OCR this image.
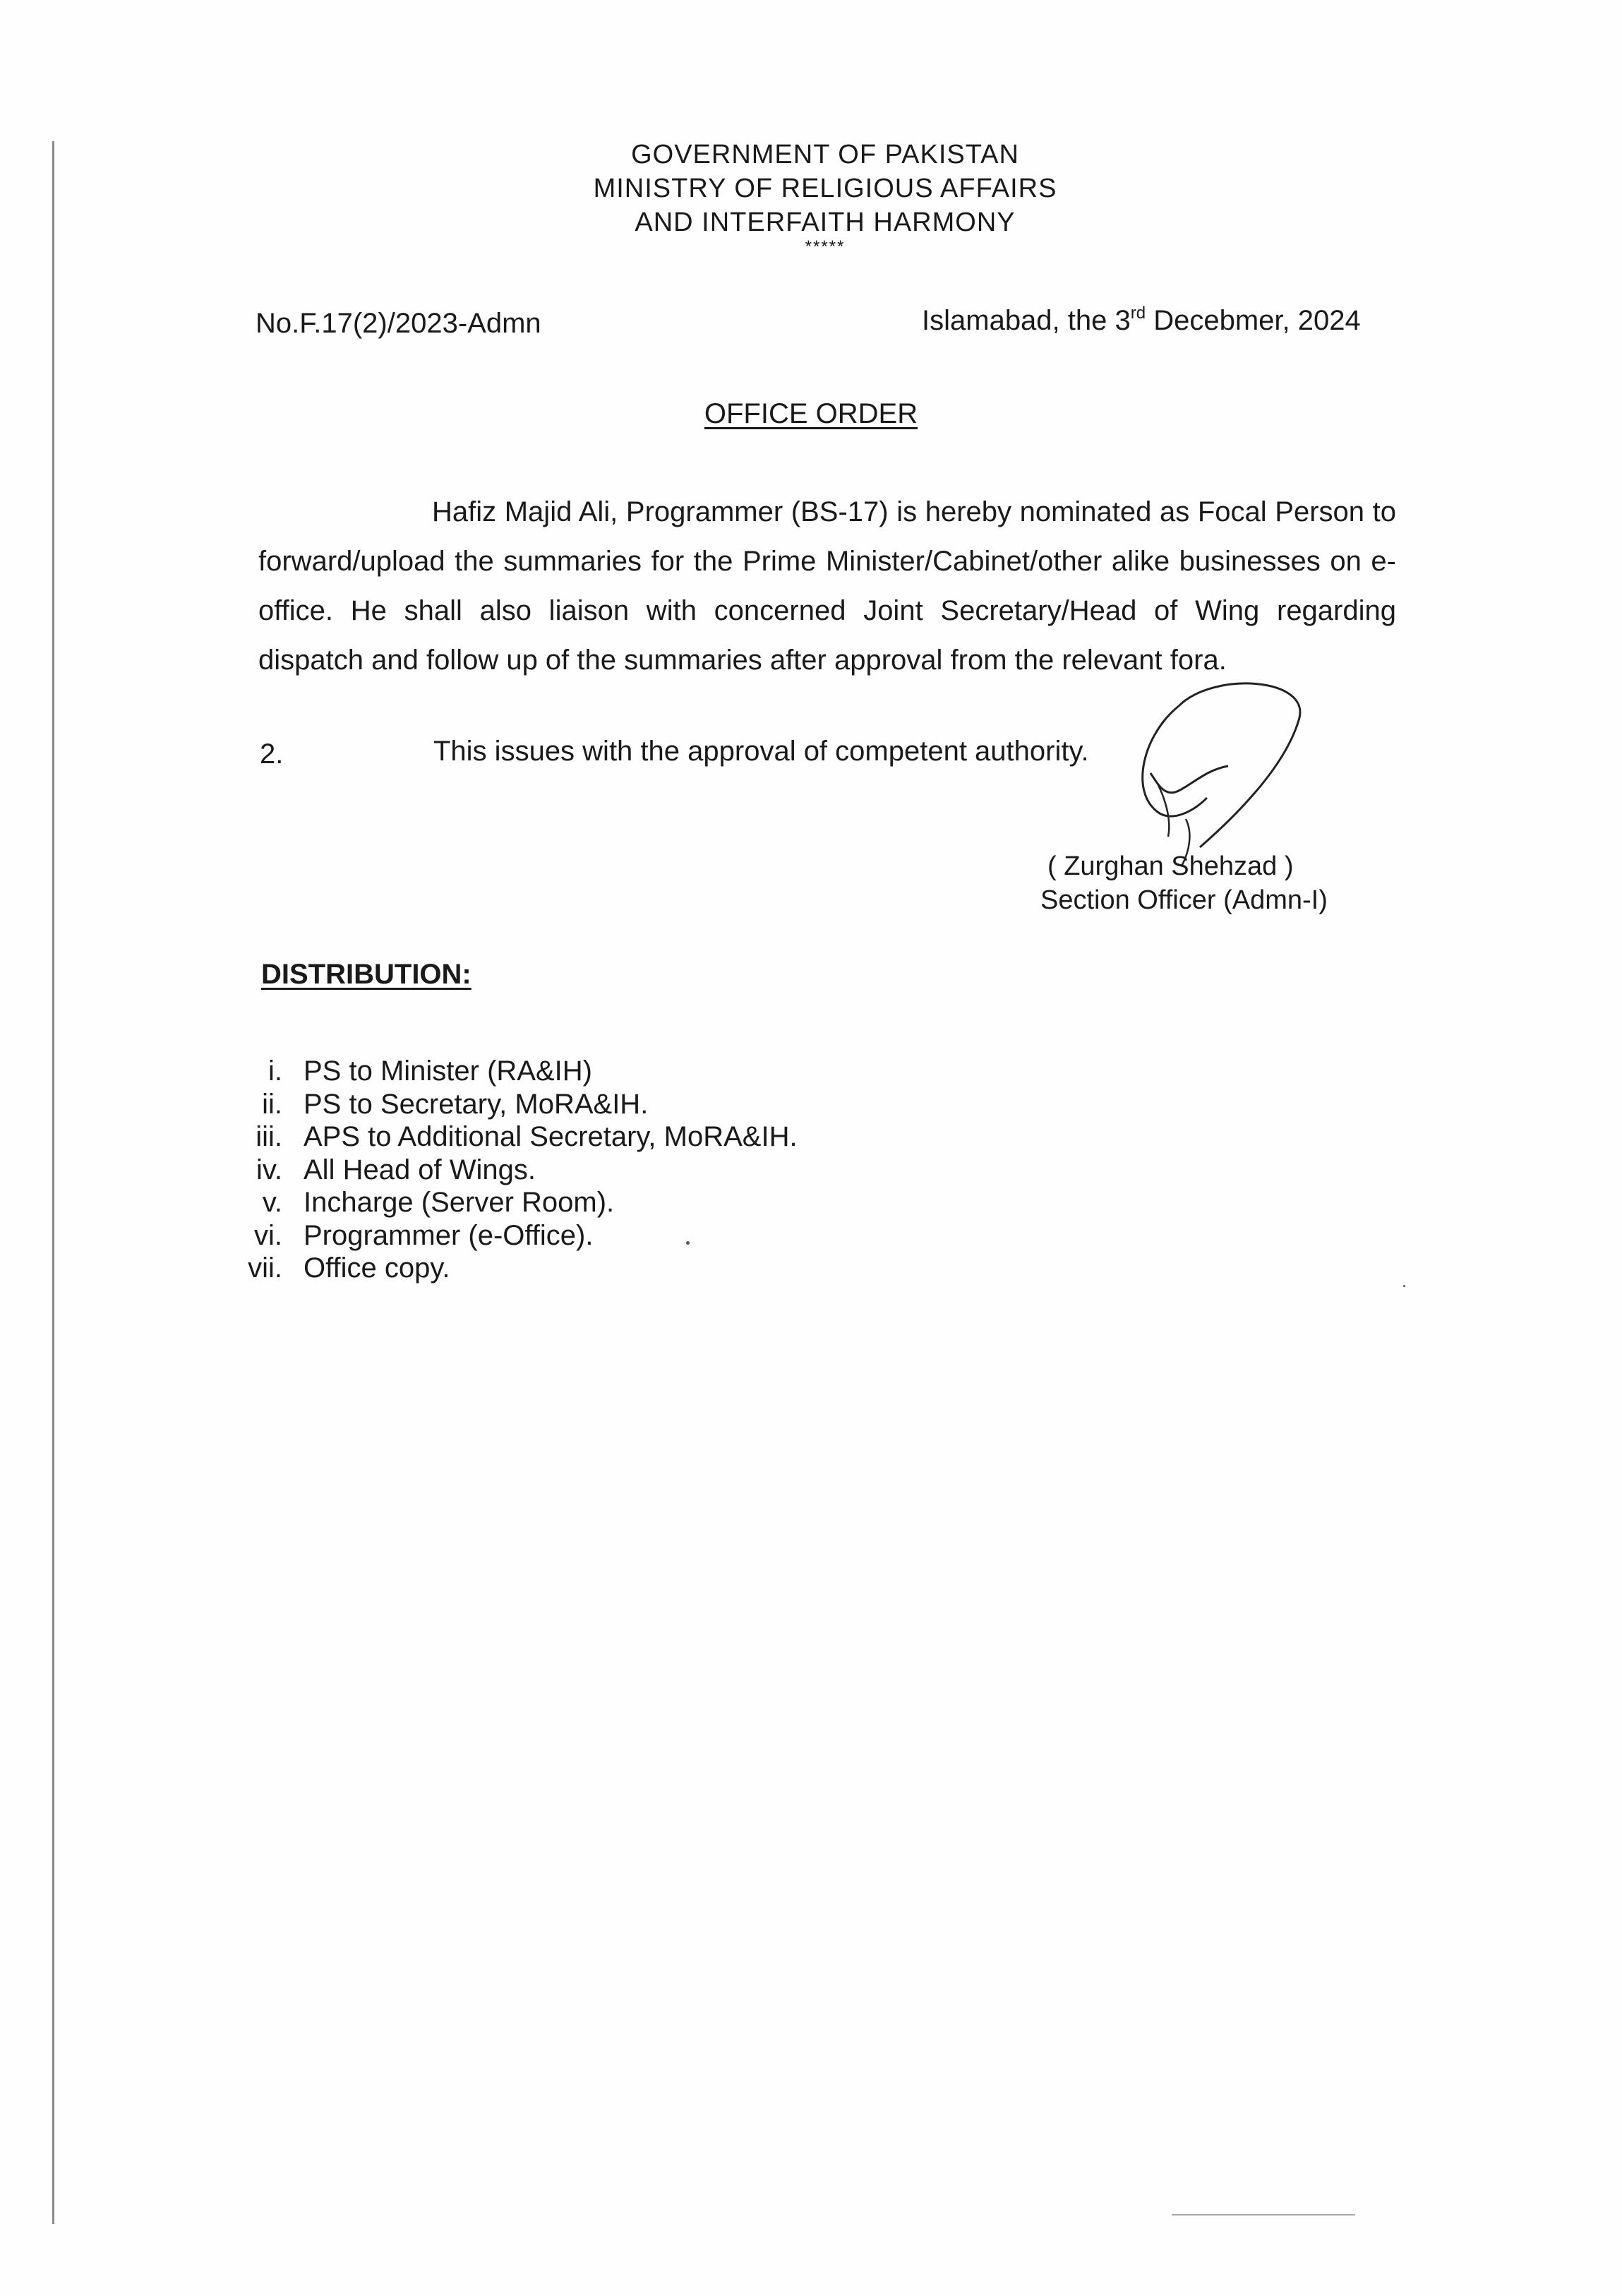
GOVERNMENT OF PAKISTAN
MINISTRY OF RELIGIOUS AFFAIRS
AND INTERFAITH HARMONY
*****
No.F.17(2)/2023-Admn	Islamabad, the 3rd Decebmer, 2024
OFFICE ORDER
Hafiz Majid Ali, Programmer (BS-17) is hereby nominated as Focal Person to forward/upload the summaries for the Prime Minister/Cabinet/other alike businesses on e-office. He shall also liaison with concerned Joint Secretary/Head of Wing regarding dispatch and follow up of the summaries after approval from the relevant fora.
2.	This issues with the approval of competent authority.
( Zurghan Shehzad )
Section Officer (Admn-I)
DISTRIBUTION:
i. PS to Minister (RA&IH)
ii. PS to Secretary, MoRA&IH.
iii. APS to Additional Secretary, MoRA&IH.
iv. All Head of Wings.
v. Incharge (Server Room).
vi. Programmer (e-Office).
vii. Office copy.
